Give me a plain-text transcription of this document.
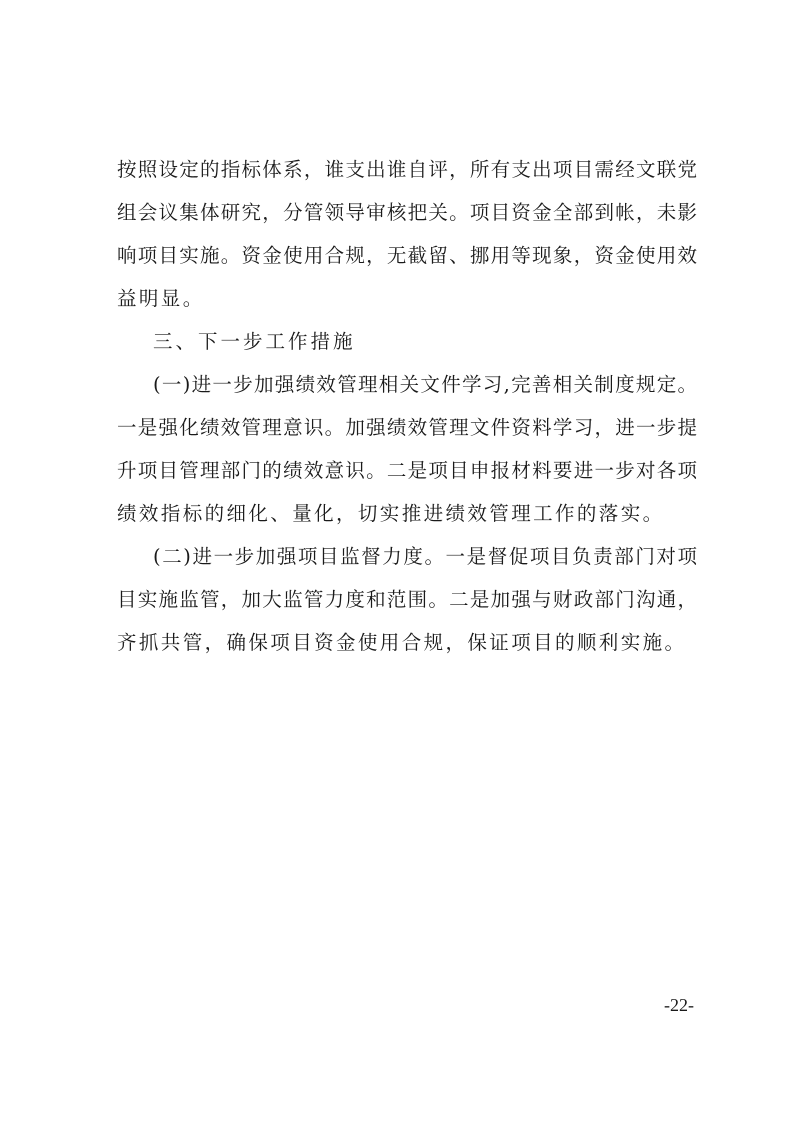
按照设定的指标体系，谁支出谁自评，所有支出项目需经文联党
组会议集体研究，分管领导审核把关。项目资金全部到帐，未影
响项目实施。资金使用合规，无截留、挪用等现象，资金使用效
益明显。
三、下一步工作措施
(一)进一步加强绩效管理相关文件学习,完善相关制度规定。
一是强化绩效管理意识。加强绩效管理文件资料学习，进一步提
升项目管理部门的绩效意识。二是项目申报材料要进一步对各项
绩效指标的细化、量化，切实推进绩效管理工作的落实。
(二)进一步加强项目监督力度。一是督促项目负责部门对项
目实施监管，加大监管力度和范围。二是加强与财政部门沟通，
齐抓共管，确保项目资金使用合规，保证项目的顺利实施。
-22-
